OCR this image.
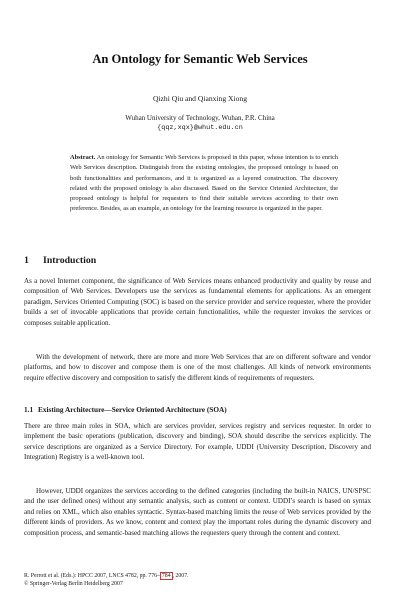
An Ontology for Semantic Web Services
Qizhi Qiu and Qianxing Xiong
Wuhan University of Technology, Wuhan, P.R. China
{qqz,xqx}@whut.edu.cn

Abstract. An ontology for Semantic Web Services is proposed in this paper, whose intention is to enrich Web Services description. Distinguish from the existing ontologies, the proposed ontology is based on both functionalities and performances, and it is organized as a layered construction. The discovery related with the proposed ontology is also discussed. Based on the Service Oriented Architecture, the proposed ontology is helpful for requesters to find their suitable services according to their own preference. Besides, as an example, an ontology for the learning resource is organized in the paper.

1 Introduction

As a novel Internet component, the significance of Web Services means enhanced productivity and quality by reuse and composition of Web Services. Developers use the services as fundamental elements for applications. As an emergent paradigm, Services Oriented Computing (SOC) is based on the service provider and service requester, where the provider builds a set of invocable applications that provide certain functionalities, while the requester invokes the services or composes suitable application.

With the development of network, there are more and more Web Services that are on different software and vendor platforms, and how to discover and compose them is one of the most challenges. All kinds of network environments require effective discovery and composition to satisfy the different kinds of requirements of requesters.

1.1 Existing Architecture—Service Oriented Architecture (SOA)

There are three main roles in SOA, which are services provider, services registry and services requester. In order to implement the basic operations (publication, discovery and binding), SOA should describe the services explicitly. The service descriptions are organized as a Service Directory. For example, UDDI (University Description, Discovery and Integration) Registry is a well-known tool.

However, UDDI organizes the services according to the defined categories (including the built-in NAICS, UN/SPSC and the user defined ones) without any semantic analysis, such as content or context. UDDI’s search is based on syntax and relies on XML, which also enables syntactic. Syntax-based matching limits the reuse of Web services provided by the different kinds of providers. As we know, content and context play the important roles during the dynamic discovery and composition process, and semantic-based matching allows the requesters query through the content and context.

R. Perrott et al. (Eds.): HPCC 2007, LNCS 4782, pp. 776– 784 , 2007.
© Springer-Verlag Berlin Heidelberg 2007
